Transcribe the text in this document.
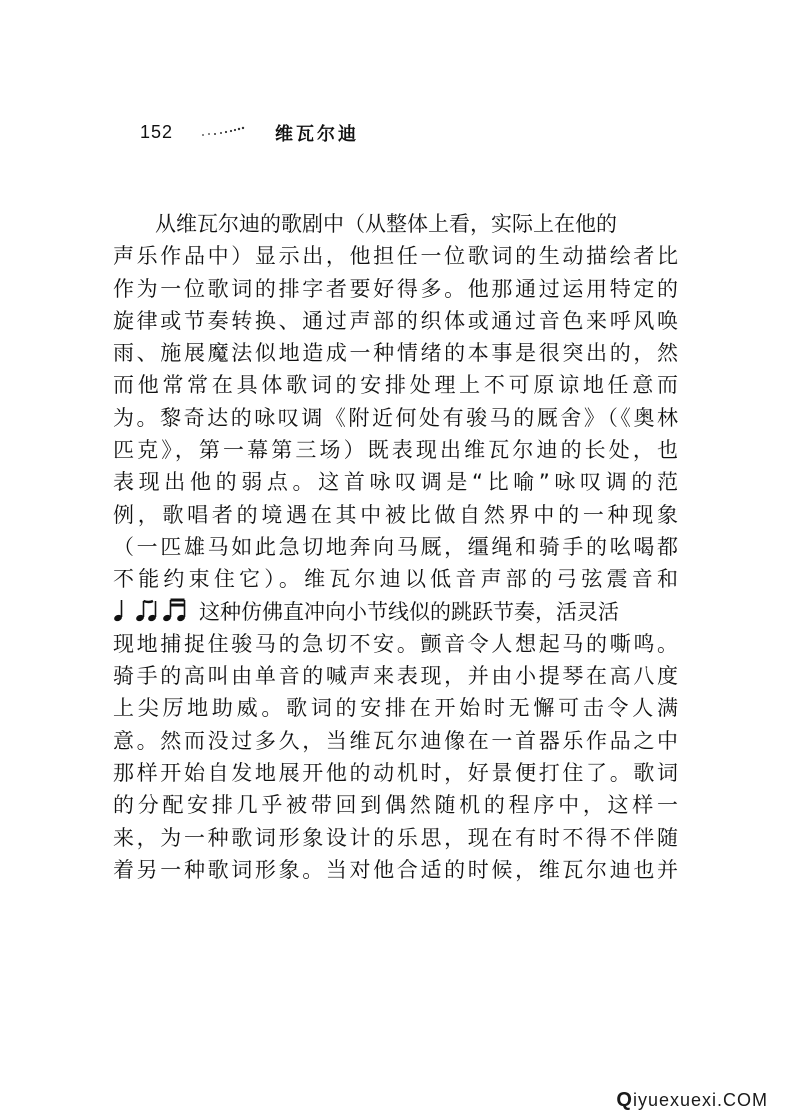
152	维瓦尔迪
从维瓦尔迪的歌剧中（从整体上看，实际上在他的
声乐作品中）显示出，他担任一位歌词的生动描绘者比
作为一位歌词的排字者要好得多。他那通过运用特定的
旋律或节奏转换、通过声部的织体或通过音色来呼风唤
雨、施展魔法似地造成一种情绪的本事是很突出的，然
而他常常在具体歌词的安排处理上不可原谅地任意而
为。黎奇达的咏叹调《附近何处有骏马的厩舍》（《奥林
匹克》，第一幕第三场）既表现出维瓦尔迪的长处，也
表现出他的弱点。这首咏叹调是“比喻”咏叹调的范
例，歌唱者的境遇在其中被比做自然界中的一种现象
（一匹雄马如此急切地奔向马厩，缰绳和骑手的吆喝都
不能约束住它）。维瓦尔迪以低音声部的弓弦震音和
这种仿佛直冲向小节线似的跳跃节奏，活灵活
现地捕捉住骏马的急切不安。颤音令人想起马的嘶鸣。
骑手的高叫由单音的喊声来表现，并由小提琴在高八度
上尖厉地助威。歌词的安排在开始时无懈可击令人满
意。然而没过多久，当维瓦尔迪像在一首器乐作品之中
那样开始自发地展开他的动机时，好景便打住了。歌词
的分配安排几乎被带回到偶然随机的程序中，这样一
来，为一种歌词形象设计的乐思，现在有时不得不伴随
着另一种歌词形象。当对他合适的时候，维瓦尔迪也并
Qiyuexuexi.COM
